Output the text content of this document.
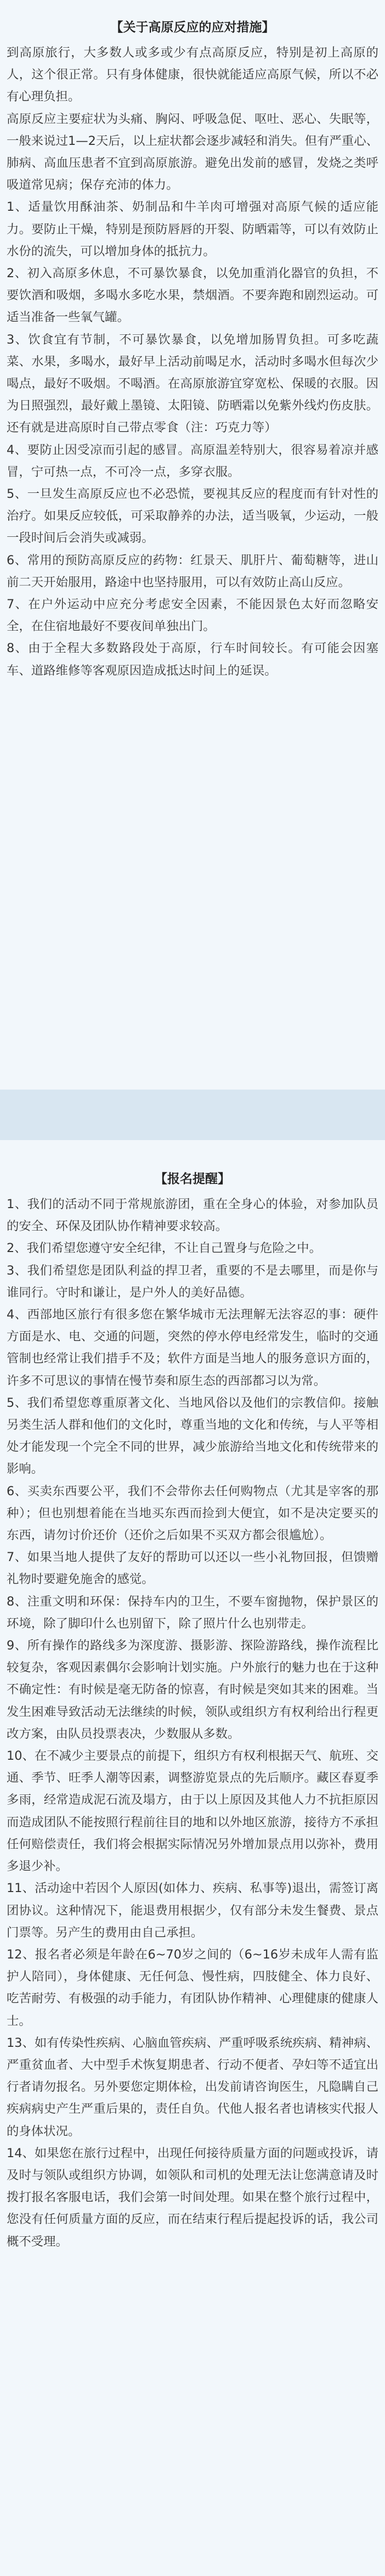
【关于高原反应的应对措施】

到高原旅行，大多数人或多或少有点高原反应，特别是初上高原的人，这个很正常。只有身体健康，很快就能适应高原气候，所以不必有心理负担。

高原反应主要症状为头痛、胸闷、呼吸急促、呕吐、恶心、失眠等，一般来说过1—2天后，以上症状都会逐步减轻和消失。但有严重心、肺病、高血压患者不宜到高原旅游。避免出发前的感冒，发烧之类呼吸道常见病；保存充沛的体力。

1、适量饮用酥油茶、奶制品和牛羊肉可增强对高原气候的适应能力。要防止干燥，特别是预防唇唇的开裂、防晒霜等，可以有效防止水份的流失，可以增加身体的抵抗力。

2、初入高原多休息，不可暴饮暴食，以免加重消化器官的负担，不要饮酒和吸烟，多喝水多吃水果，禁烟酒。不要奔跑和剧烈运动。可适当准备一些氧气罐。

3、饮食宜有节制，不可暴饮暴食，以免增加肠胃负担。可多吃蔬菜、水果，多喝水，最好早上活动前喝足水，活动时多喝水但每次少喝点，最好不吸烟。不喝酒。在高原旅游宜穿宽松、保暖的衣服。因为日照强烈，最好戴上墨镜、太阳镜、防晒霜以免紫外线灼伤皮肤。还有就是进高原时自己带点零食（注：巧克力等）

4、要防止因受凉而引起的感冒。高原温差特别大，很容易着凉并感冒，宁可热一点，不可冷一点，多穿衣服。

5、一旦发生高原反应也不必恐慌，要视其反应的程度而有针对性的治疗。如果反应较低，可采取静养的办法，适当吸氧，少运动，一般一段时间后会消失或减弱。

6、常用的预防高原反应的药物：红景天、肌肝片、葡萄糖等，进山前二天开始服用，路途中也坚持服用，可以有效防止高山反应。

7、在户外运动中应充分考虑安全因素，不能因景色太好而忽略安全，在住宿地最好不要夜间单独出门。

8、由于全程大多数路段处于高原，行车时间较长。有可能会因塞车、道路维修等客观原因造成抵达时间上的延误。

【报名提醒】

1、我们的活动不同于常规旅游团，重在全身心的体验，对参加队员的安全、环保及团队协作精神要求较高。

2、我们希望您遵守安全纪律，不让自己置身与危险之中。

3、我们希望您是团队利益的捍卫者，重要的不是去哪里，而是你与谁同行。守时和谦让，是户外人的美好品德。

4、西部地区旅行有很多您在繁华城市无法理解无法容忍的事：硬件方面是水、电、交通的问题，突然的停水停电经常发生，临时的交通管制也经常让我们措手不及；软件方面是当地人的服务意识方面的，许多不可思议的事情在慢节奏和原生态的西部都习以为常。

5、我们希望您尊重原著文化、当地风俗以及他们的宗教信仰。接触另类生活人群和他们的文化时，尊重当地的文化和传统，与人平等相处才能发现一个完全不同的世界，减少旅游给当地文化和传统带来的影响。

6、买卖东西要公平，我们不会带你去任何购物点（尤其是宰客的那种）；但也别想着能在当地买东西而捡到大便宜，如不是决定要买的东西，请勿讨价还价（还价之后如果不买双方都会很尴尬）。

7、如果当地人提供了友好的帮助可以还以一些小礼物回报，但馈赠礼物时要避免施舍的感觉。

8、注重文明和环保：保持车内的卫生，不要车窗抛物，保护景区的环境，除了脚印什么也别留下，除了照片什么也别带走。

9、所有操作的路线多为深度游、摄影游、探险游路线，操作流程比较复杂，客观因素偶尔会影响计划实施。户外旅行的魅力也在于这种不确定性：有时候是毫无防备的惊喜，有时候是突如其来的困难。当发生困难导致活动无法继续的时候，领队或组织方有权利给出行程更改方案，由队员投票表决，少数服从多数。

10、在不减少主要景点的前提下，组织方有权利根据天气、航班、交通、季节、旺季人潮等因素，调整游览景点的先后顺序。藏区春夏季多雨，经常造成泥石流及塌方，由于以上原因及其他人力不抗拒原因而造成团队不能按照行程前往目的地和以外地区旅游，接待方不承担任何赔偿责任，我们将会根据实际情况另外增加景点用以弥补，费用多退少补。

11、活动途中若因个人原因(如体力、疾病、私事等)退出，需签订离团协议。这种情况下，能退费用根据少，仅有部分未发生餐费、景点门票等。另产生的费用由自己承担。

12、报名者必须是年龄在6~70岁之间的（6~16岁未成年人需有监护人陪同），身体健康、无任何急、慢性病，四肢健全、体力良好、吃苦耐劳、有极强的动手能力，有团队协作精神、心理健康的健康人士。

13、如有传染性疾病、心脑血管疾病、严重呼吸系统疾病、精神病、严重贫血者、大中型手术恢复期患者、行动不便者、孕妇等不适宜出行者请勿报名。另外要您定期体检，出发前请咨询医生，凡隐瞒自己疾病病史产生严重后果的，责任自负。代他人报名者也请核实代报人的身体状况。

14、如果您在旅行过程中，出现任何接待质量方面的问题或投诉，请及时与领队或组织方协调，如领队和司机的处理无法让您满意请及时拨打报名客服电话，我们会第一时间处理。如果在整个旅行过程中，您没有任何质量方面的反应，而在结束行程后提起投诉的话，我公司概不受理。
